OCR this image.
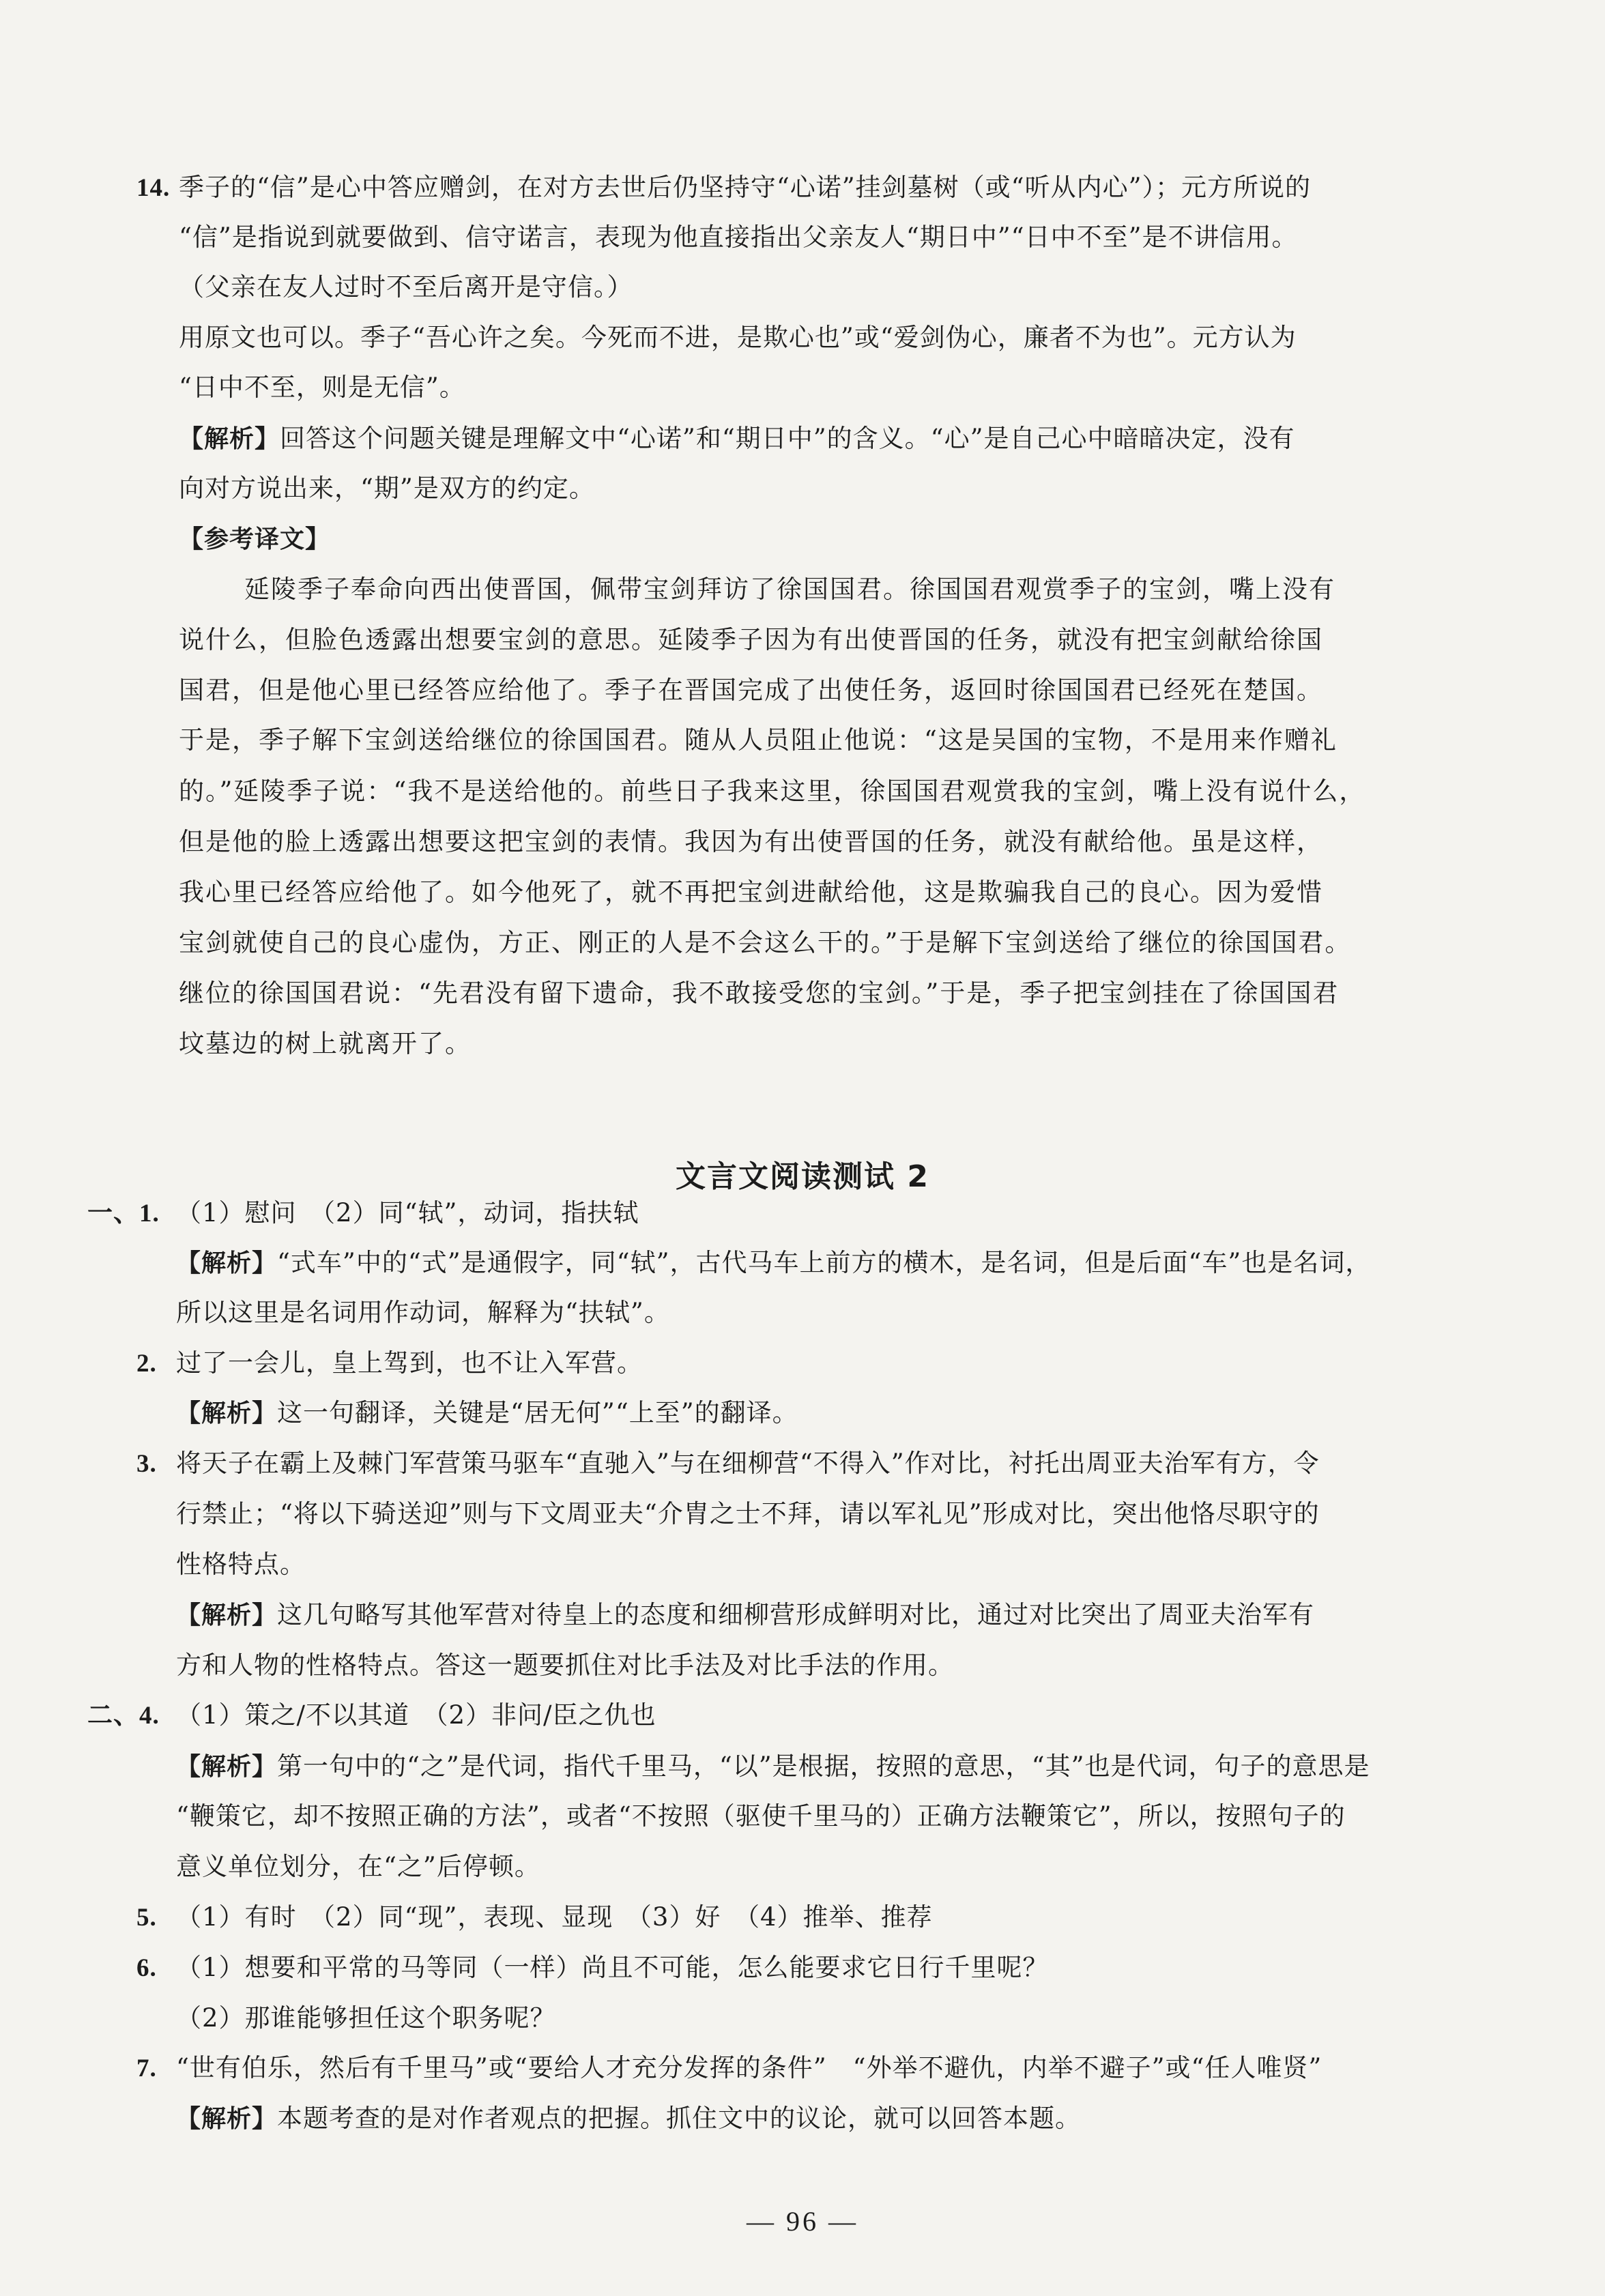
14. 季子的“信”是心中答应赠剑，在对方去世后仍坚持守“心诺”挂剑墓树（或“听从内心”）；元方所说的
“信”是指说到就要做到、信守诺言，表现为他直接指出父亲友人“期日中”“日中不至”是不讲信用。
（父亲在友人过时不至后离开是守信。）
用原文也可以。季子“吾心许之矣。今死而不进，是欺心也”或“爱剑伪心，廉者不为也”。元方认为
“日中不至，则是无信”。
【解析】回答这个问题关键是理解文中“心诺”和“期日中”的含义。“心”是自己心中暗暗决定，没有
向对方说出来，“期”是双方的约定。
【参考译文】
延陵季子奉命向西出使晋国，佩带宝剑拜访了徐国国君。徐国国君观赏季子的宝剑，嘴上没有
说什么，但脸色透露出想要宝剑的意思。延陵季子因为有出使晋国的任务，就没有把宝剑献给徐国
国君，但是他心里已经答应给他了。季子在晋国完成了出使任务，返回时徐国国君已经死在楚国。
于是，季子解下宝剑送给继位的徐国国君。随从人员阻止他说：“这是吴国的宝物，不是用来作赠礼
的。”延陵季子说：“我不是送给他的。前些日子我来这里，徐国国君观赏我的宝剑，嘴上没有说什么，
但是他的脸上透露出想要这把宝剑的表情。我因为有出使晋国的任务，就没有献给他。虽是这样，
我心里已经答应给他了。如今他死了，就不再把宝剑进献给他，这是欺骗我自己的良心。因为爱惜
宝剑就使自己的良心虚伪，方正、刚正的人是不会这么干的。”于是解下宝剑送给了继位的徐国国君。
继位的徐国国君说：“先君没有留下遗命，我不敢接受您的宝剑。”于是，季子把宝剑挂在了徐国国君
坟墓边的树上就离开了。
文言文阅读测试 2
一、1. （1）慰问　（2）同“轼”，动词，指扶轼
【解析】“式车”中的“式”是通假字，同“轼”，古代马车上前方的横木，是名词，但是后面“车”也是名词，
所以这里是名词用作动词，解释为“扶轼”。
2. 过了一会儿，皇上驾到，也不让入军营。
【解析】这一句翻译，关键是“居无何”“上至”的翻译。
3. 将天子在霸上及棘门军营策马驱车“直驰入”与在细柳营“不得入”作对比，衬托出周亚夫治军有方，令
行禁止；“将以下骑送迎”则与下文周亚夫“介胄之士不拜，请以军礼见”形成对比，突出他恪尽职守的
性格特点。
【解析】这几句略写其他军营对待皇上的态度和细柳营形成鲜明对比，通过对比突出了周亚夫治军有
方和人物的性格特点。答这一题要抓住对比手法及对比手法的作用。
二、4. （1）策之/不以其道　（2）非问/臣之仇也
【解析】第一句中的“之”是代词，指代千里马，“以”是根据，按照的意思，“其”也是代词，句子的意思是
“鞭策它，却不按照正确的方法”，或者“不按照（驱使千里马的）正确方法鞭策它”，所以，按照句子的
意义单位划分，在“之”后停顿。
5. （1）有时　（2）同“现”，表现、显现　（3）好　（4）推举、推荐
6. （1）想要和平常的马等同（一样）尚且不可能，怎么能要求它日行千里呢？
（2）那谁能够担任这个职务呢？
7. “世有伯乐，然后有千里马”或“要给人才充分发挥的条件”　“外举不避仇，内举不避子”或“任人唯贤”
【解析】本题考查的是对作者观点的把握。抓住文中的议论，就可以回答本题。
— 96 —
